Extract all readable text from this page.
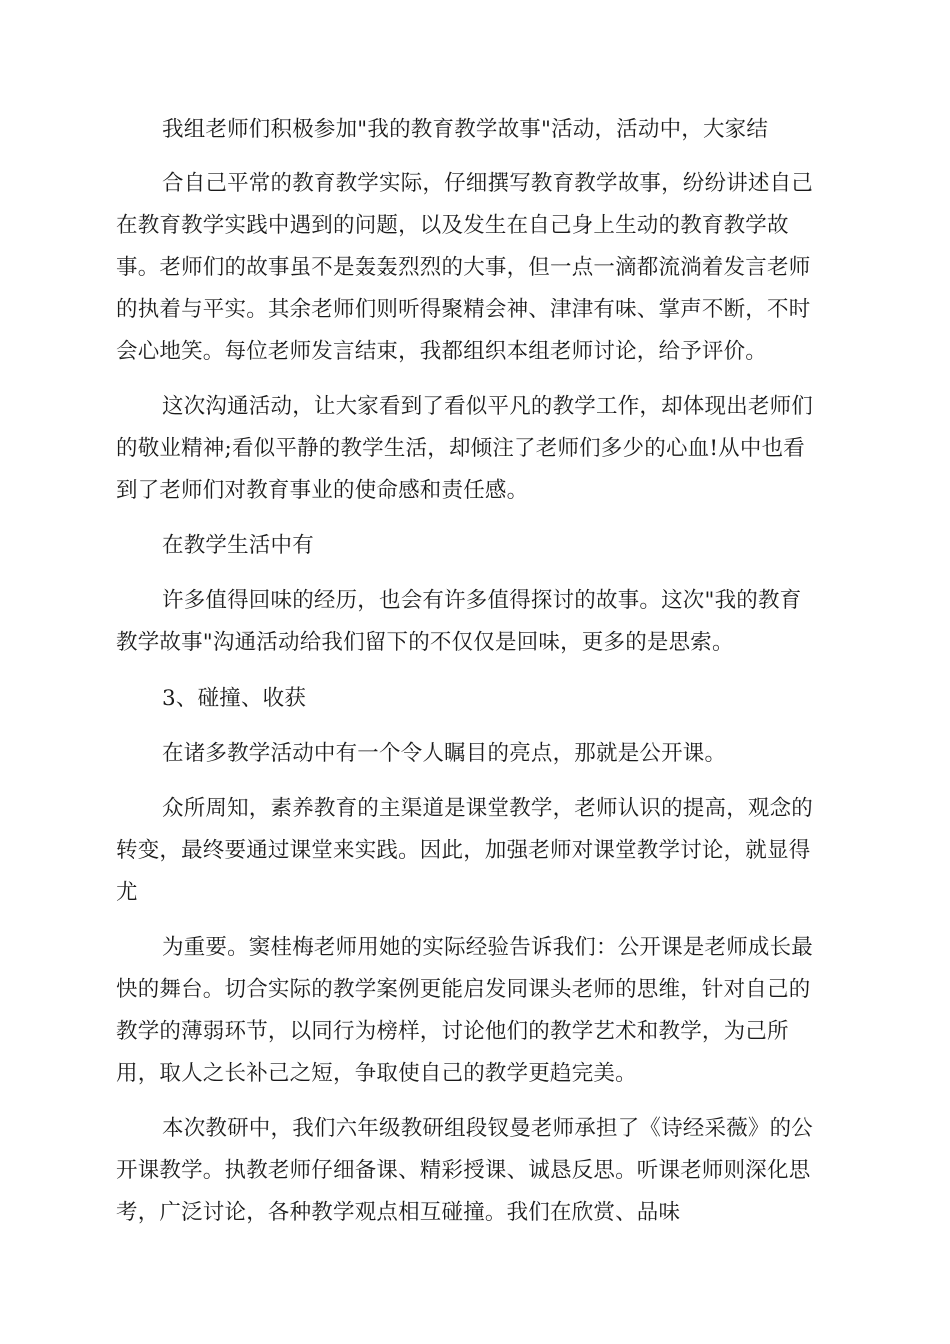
我组老师们积极参加"我的教育教学故事"活动，活动中，大家结
合自己平常的教育教学实际，仔细撰写教育教学故事，纷纷讲述自己
在教育教学实践中遇到的问题，以及发生在自己身上生动的教育教学故
事。老师们的故事虽不是轰轰烈烈的大事，但一点一滴都流淌着发言老师
的执着与平实。其余老师们则听得聚精会神、津津有味、掌声不断，不时
会心地笑。每位老师发言结束，我都组织本组老师讨论，给予评价。
这次沟通活动，让大家看到了看似平凡的教学工作，却体现出老师们
的敬业精神;看似平静的教学生活，却倾注了老师们多少的心血!从中也看
到了老师们对教育事业的使命感和责任感。
在教学生活中有
许多值得回味的经历，也会有许多值得探讨的故事。这次"我的教育
教学故事"沟通活动给我们留下的不仅仅是回味，更多的是思索。
3、碰撞、收获
在诸多教学活动中有一个令人瞩目的亮点，那就是公开课。
众所周知，素养教育的主渠道是课堂教学，老师认识的提高，观念的
转变，最终要通过课堂来实践。因此，加强老师对课堂教学讨论，就显得
尤
为重要。窦桂梅老师用她的实际经验告诉我们：公开课是老师成长最
快的舞台。切合实际的教学案例更能启发同课头老师的思维，针对自己的
教学的薄弱环节，以同行为榜样，讨论他们的教学艺术和教学，为己所
用，取人之长补己之短，争取使自己的教学更趋完美。
本次教研中，我们六年级教研组段钗曼老师承担了《诗经采薇》的公
开课教学。执教老师仔细备课、精彩授课、诚恳反思。听课老师则深化思
考，广泛讨论，各种教学观点相互碰撞。我们在欣赏、品味
